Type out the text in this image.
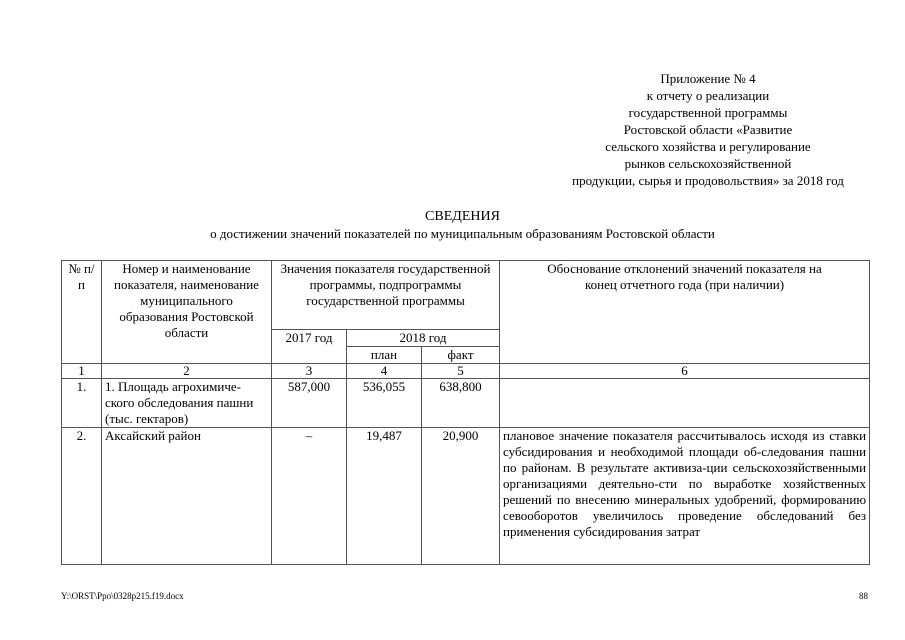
Приложение № 4
к отчету о реализации
государственной программы
Ростовской области «Развитие
сельского хозяйства и регулирование
рынков сельскохозяйственной
продукции, сырья и продовольствия» за 2018 год
СВЕДЕНИЯ
о достижении значений показателей по муниципальным образованиям Ростовской области
№ п/п	Номер и наименование показателя, наименование муниципального образования Ростовской области	Значения показателя государственной программы, подпрограммы государственной программы			Обоснование отклонений значений показателя на конец отчетного года (при наличии)

		2017 год	2018 год		
			план	факт	
1	2	3	4	5	6
1.	1. Площадь агрохимиче-ского обследования пашни (тыс. гектаров)	587,000	536,055	638,800	
2.	Аксайский район	–	19,487	20,900	плановое значение показателя рассчитывалось исходя из ставки субсидирования и необходимой площади об-следования пашни по районам. В результате активиза-ции сельскохозяйственными организациями деятельно-сти по выработке хозяйственных решений по внесению минеральных удобрений, формированию севооборотов увеличилось проведение обследований без применения субсидирования затрат
Y:\ORST\Ppo\0328p215.f19.docx	88
